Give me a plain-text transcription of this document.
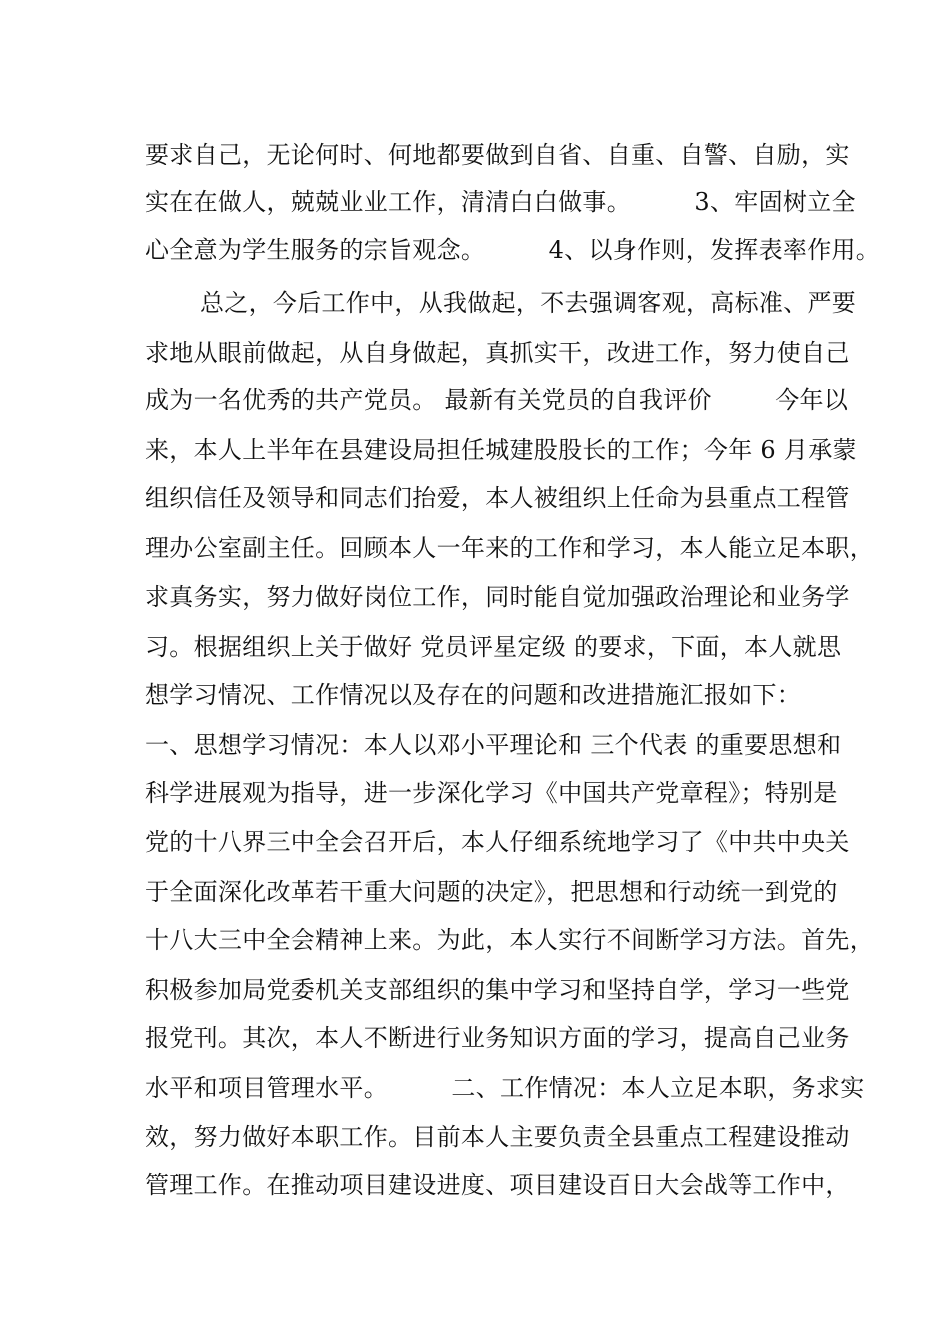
要求自己，无论何时、何地都要做到自省、自重、自警、自励，实
实在在做人，兢兢业业工作，清清白白做事。        3、牢固树立全
心全意为学生服务的宗旨观念。        4、以身作则，发挥表率作用。
总之，今后工作中，从我做起，不去强调客观，高标准、严要
求地从眼前做起，从自身做起，真抓实干，改进工作，努力使自己
成为一名优秀的共产党员。 最新有关党员的自我评价        今年以
来，本人上半年在县建设局担任城建股股长的工作；今年 6 月承蒙
组织信任及领导和同志们抬爱，本人被组织上任命为县重点工程管
理办公室副主任。回顾本人一年来的工作和学习，本人能立足本职，
求真务实，努力做好岗位工作，同时能自觉加强政治理论和业务学
习。根据组织上关于做好 党员评星定级 的要求，下面，本人就思
想学习情况、工作情况以及存在的问题和改进措施汇报如下：
一、思想学习情况：本人以邓小平理论和 三个代表 的重要思想和
科学进展观为指导，进一步深化学习《中国共产党章程》；特别是
党的十八界三中全会召开后，本人仔细系统地学习了《中共中央关
于全面深化改革若干重大问题的决定》，把思想和行动统一到党的
十八大三中全会精神上来。为此，本人实行不间断学习方法。首先，
积极参加局党委机关支部组织的集中学习和坚持自学，学习一些党
报党刊。其次，本人不断进行业务知识方面的学习，提高自己业务
水平和项目管理水平。        二、工作情况：本人立足本职，务求实
效，努力做好本职工作。目前本人主要负责全县重点工程建设推动
管理工作。在推动项目建设进度、项目建设百日大会战等工作中，
